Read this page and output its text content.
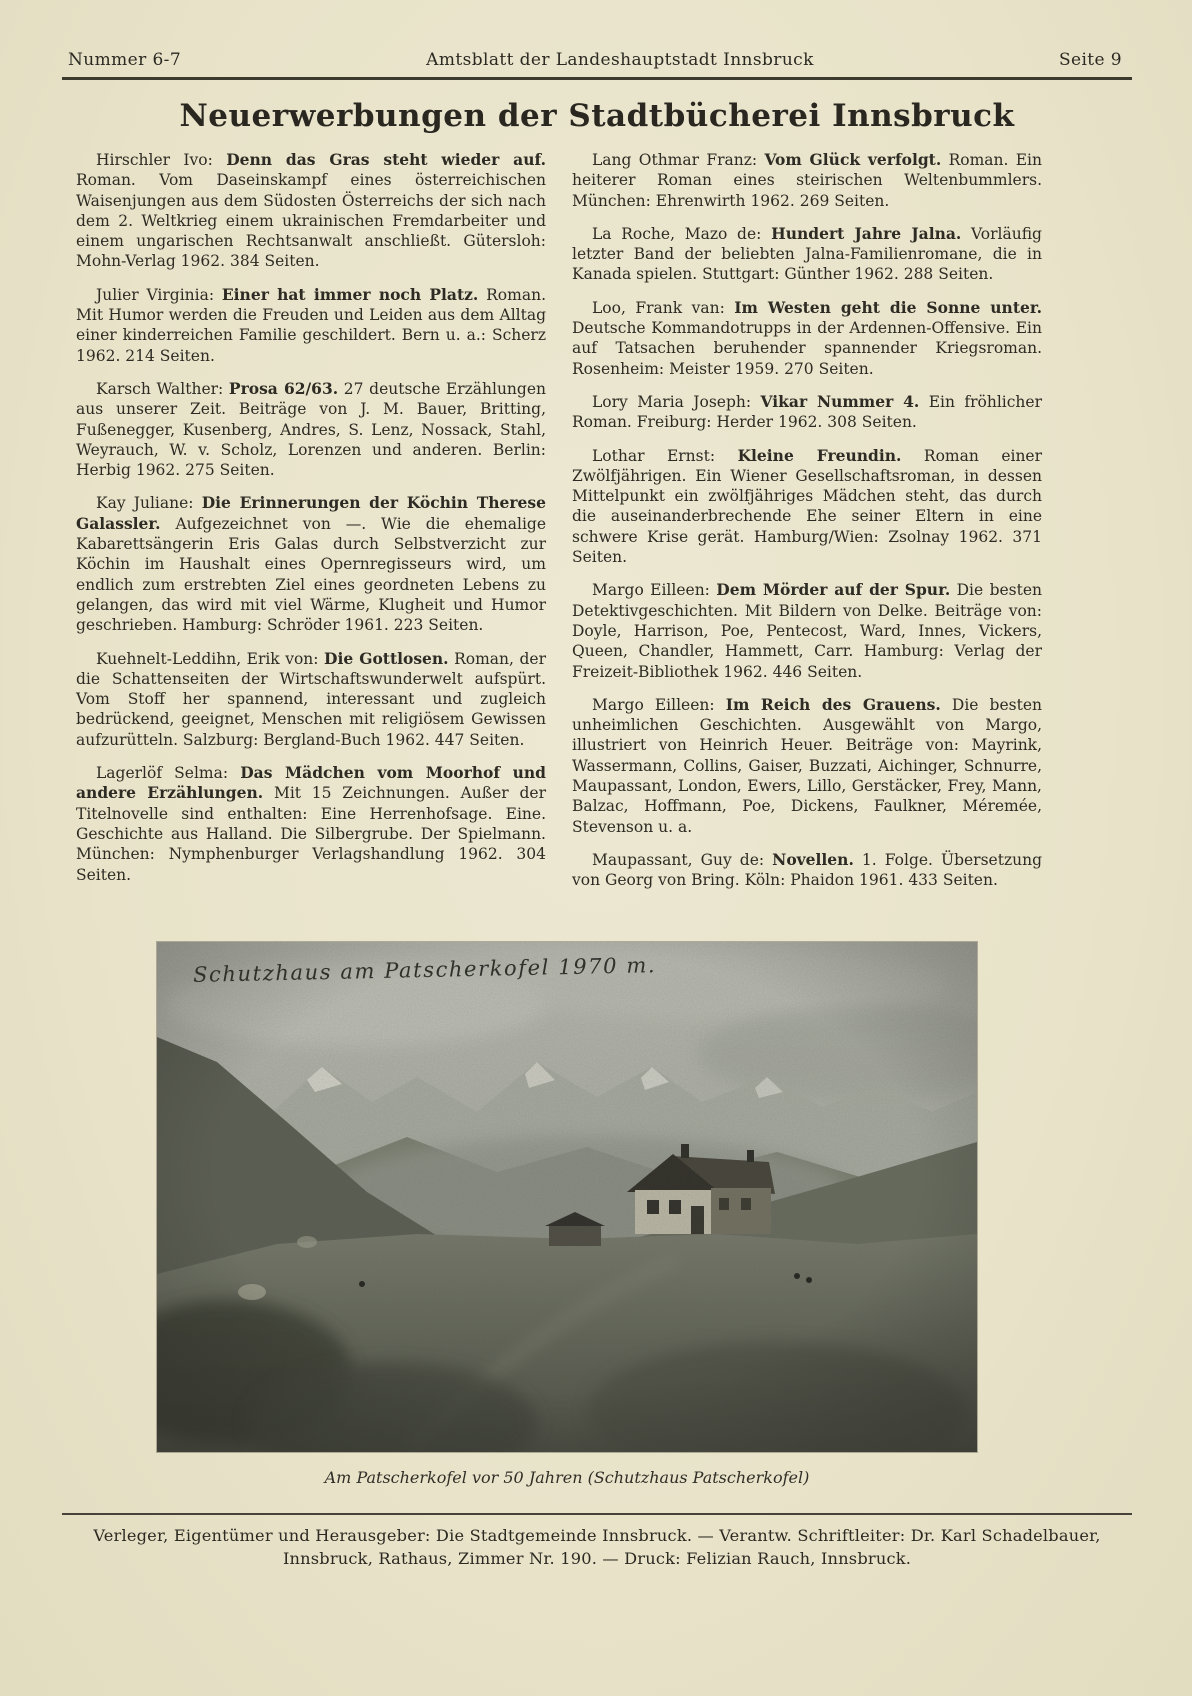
Nummer 6-7	Amtsblatt der Landeshauptstadt Innsbruck	Seite 9
Neuerwerbungen der Stadtbücherei Innsbruck

Hirschler Ivo: Denn das Gras steht wieder auf. Roman. Vom Daseinskampf eines österreichischen Waisenjungen aus dem Südosten Österreichs der sich nach dem 2. Weltkrieg einem ukrainischen Fremdarbeiter und einem ungarischen Rechtsanwalt anschließt. Gütersloh: Mohn-Verlag 1962. 384 Seiten.

Julier Virginia: Einer hat immer noch Platz. Roman. Mit Humor werden die Freuden und Leiden aus dem Alltag einer kinderreichen Familie geschildert. Bern u. a.: Scherz 1962. 214 Seiten.

Karsch Walther: Prosa 62/63. 27 deutsche Erzählungen aus unserer Zeit. Beiträge von J. M. Bauer, Britting, Fußenegger, Kusenberg, Andres, S. Lenz, Nossack, Stahl, Weyrauch, W. v. Scholz, Lorenzen und anderen. Berlin: Herbig 1962. 275 Seiten.

Kay Juliane: Die Erinnerungen der Köchin Therese Galassler. Aufgezeichnet von —. Wie die ehemalige Kabarettsängerin Eris Galas durch Selbstverzicht zur Köchin im Haushalt eines Opernregisseurs wird, um endlich zum erstrebten Ziel eines geordneten Lebens zu gelangen, das wird mit viel Wärme, Klugheit und Humor geschrieben. Hamburg: Schröder 1961. 223 Seiten.

Kuehnelt-Leddihn, Erik von: Die Gottlosen. Roman, der die Schattenseiten der Wirtschaftswunderwelt aufspürt. Vom Stoff her spannend, interessant und zugleich bedrückend, geeignet, Menschen mit religiösem Gewissen aufzurütteln. Salzburg: Bergland-Buch 1962. 447 Seiten.

Lagerlöf Selma: Das Mädchen vom Moorhof und andere Erzählungen. Mit 15 Zeichnungen. Außer der Titelnovelle sind enthalten: Eine Herrenhofsage. Eine. Geschichte aus Halland. Die Silbergrube. Der Spielmann. München: Nymphenburger Verlagshandlung 1962. 304 Seiten.

Lang Othmar Franz: Vom Glück verfolgt. Roman. Ein heiterer Roman eines steirischen Weltenbummlers. München: Ehrenwirth 1962. 269 Seiten.

La Roche, Mazo de: Hundert Jahre Jalna. Vorläufig letzter Band der beliebten Jalna-Familienromane, die in Kanada spielen. Stuttgart: Günther 1962. 288 Seiten.

Loo, Frank van: Im Westen geht die Sonne unter. Deutsche Kommandotrupps in der Ardennen-Offensive. Ein auf Tatsachen beruhender spannender Kriegsroman. Rosenheim: Meister 1959. 270 Seiten.

Lory Maria Joseph: Vikar Nummer 4. Ein fröhlicher Roman. Freiburg: Herder 1962. 308 Seiten.

Lothar Ernst: Kleine Freundin. Roman einer Zwölfjährigen. Ein Wiener Gesellschaftsroman, in dessen Mittelpunkt ein zwölfjähriges Mädchen steht, das durch die auseinanderbrechende Ehe seiner Eltern in eine schwere Krise gerät. Hamburg/Wien: Zsolnay 1962. 371 Seiten.

Margo Eilleen: Dem Mörder auf der Spur. Die besten Detektivgeschichten. Mit Bildern von Delke. Beiträge von: Doyle, Harrison, Poe, Pentecost, Ward, Innes, Vickers, Queen, Chandler, Hammett, Carr. Hamburg: Verlag der Freizeit-Bibliothek 1962. 446 Seiten.

Margo Eilleen: Im Reich des Grauens. Die besten unheimlichen Geschichten. Ausgewählt von Margo, illustriert von Heinrich Heuer. Beiträge von: Mayrink, Wassermann, Collins, Gaiser, Buzzati, Aichinger, Schnurre, Maupassant, London, Ewers, Lillo, Gerstäcker, Frey, Mann, Balzac, Hoffmann, Poe, Dickens, Faulkner, Méremée, Stevenson u. a.

Maupassant, Guy de: Novellen. 1. Folge. Übersetzung von Georg von Bring. Köln: Phaidon 1961. 433 Seiten.

Schutzhaus am Patscherkofel 1970 m.
Am Patscherkofel vor 50 Jahren (Schutzhaus Patscherkofel)
Verleger, Eigentümer und Herausgeber: Die Stadtgemeinde Innsbruck. — Verantw. Schriftleiter: Dr. Karl Schadelbauer,
Innsbruck, Rathaus, Zimmer Nr. 190. — Druck: Felizian Rauch, Innsbruck.
